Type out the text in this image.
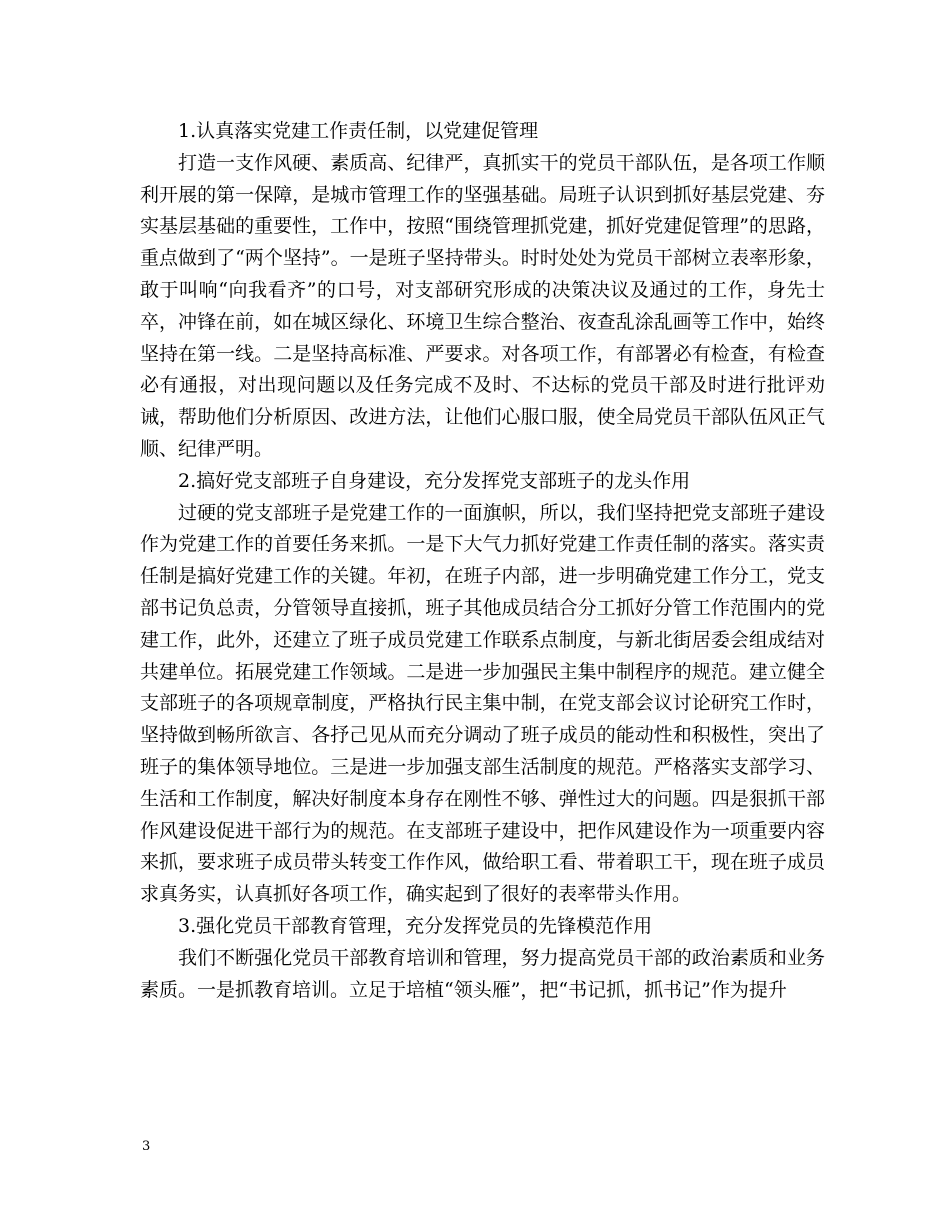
1.认真落实党建工作责任制，以党建促管理

打造一支作风硬、素质高、纪律严，真抓实干的党员干部队伍，是各项工作顺利开展的第一保障，是城市管理工作的坚强基础。局班子认识到抓好基层党建、夯实基层基础的重要性，工作中，按照“围绕管理抓党建，抓好党建促管理”的思路，重点做到了“两个坚持”。一是班子坚持带头。时时处处为党员干部树立表率形象，敢于叫响“向我看齐”的口号，对支部研究形成的决策决议及通过的工作，身先士卒，冲锋在前，如在城区绿化、环境卫生综合整治、夜查乱涂乱画等工作中，始终坚持在第一线。二是坚持高标准、严要求。对各项工作，有部署必有检查，有检查必有通报，对出现问题以及任务完成不及时、不达标的党员干部及时进行批评劝诫，帮助他们分析原因、改进方法，让他们心服口服，使全局党员干部队伍风正气顺、纪律严明。

2.搞好党支部班子自身建设，充分发挥党支部班子的龙头作用

过硬的党支部班子是党建工作的一面旗帜，所以，我们坚持把党支部班子建设作为党建工作的首要任务来抓。一是下大气力抓好党建工作责任制的落实。落实责任制是搞好党建工作的关键。年初，在班子内部，进一步明确党建工作分工，党支部书记负总责，分管领导直接抓，班子其他成员结合分工抓好分管工作范围内的党建工作，此外，还建立了班子成员党建工作联系点制度，与新北街居委会组成结对共建单位。拓展党建工作领域。二是进一步加强民主集中制程序的规范。建立健全支部班子的各项规章制度，严格执行民主集中制，在党支部会议讨论研究工作时，坚持做到畅所欲言、各抒己见从而充分调动了班子成员的能动性和积极性，突出了班子的集体领导地位。三是进一步加强支部生活制度的规范。严格落实支部学习、生活和工作制度，解决好制度本身存在刚性不够、弹性过大的问题。四是狠抓干部作风建设促进干部行为的规范。在支部班子建设中，把作风建设作为一项重要内容来抓，要求班子成员带头转变工作作风，做给职工看、带着职工干，现在班子成员求真务实，认真抓好各项工作，确实起到了很好的表率带头作用。

3.强化党员干部教育管理，充分发挥党员的先锋模范作用

我们不断强化党员干部教育培训和管理，努力提高党员干部的政治素质和业务素质。一是抓教育培训。立足于培植“领头雁”，把“书记抓，抓书记”作为提升

3
